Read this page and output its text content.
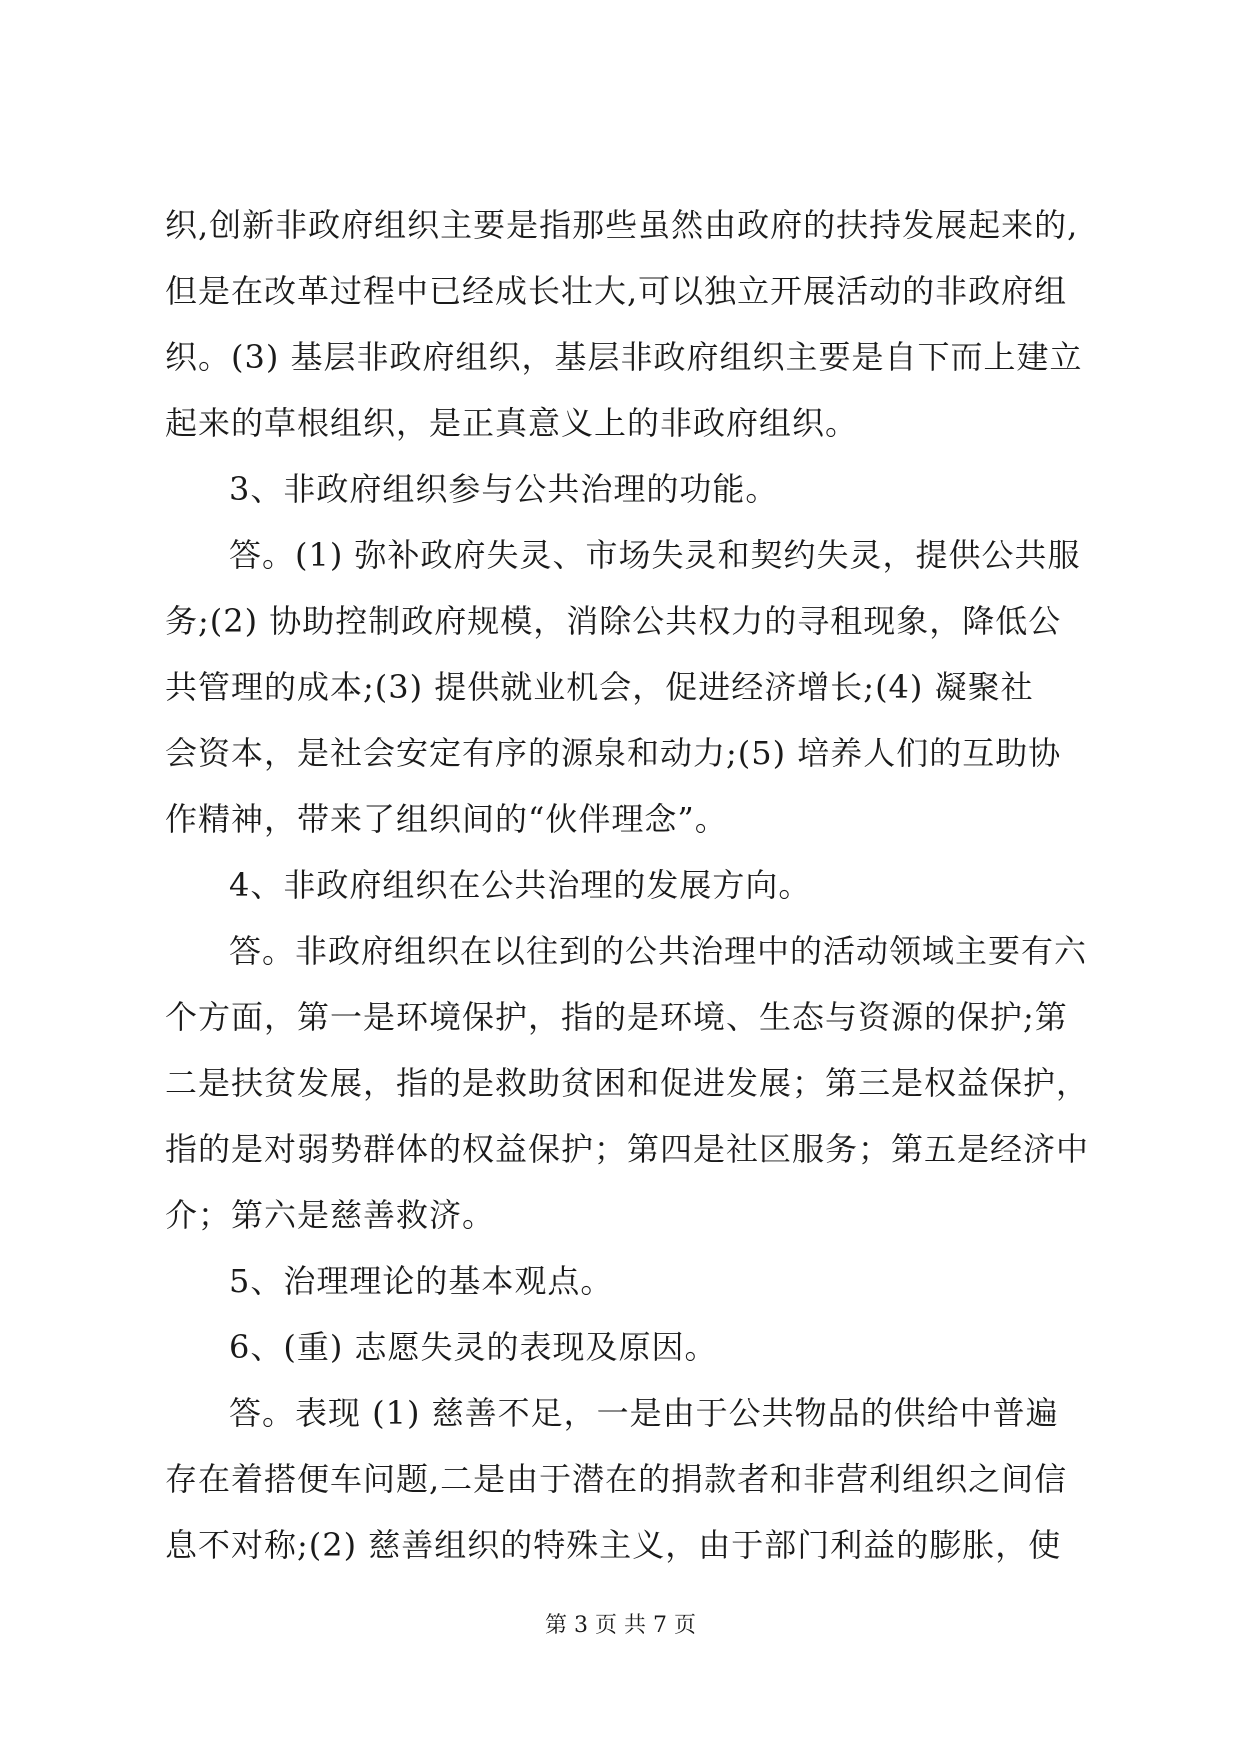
织,创新非政府组织主要是指那些虽然由政府的扶持发展起来的,
但是在改革过程中已经成长壮大,可以独立开展活动的非政府组
织。(3) 基层非政府组织，基层非政府组织主要是自下而上建立
起来的草根组织，是正真意义上的非政府组织。
3、非政府组织参与公共治理的功能。
答。(1) 弥补政府失灵、市场失灵和契约失灵，提供公共服
务;(2) 协助控制政府规模，消除公共权力的寻租现象，降低公
共管理的成本;(3) 提供就业机会，促进经济增长;(4) 凝聚社
会资本，是社会安定有序的源泉和动力;(5) 培养人们的互助协
作精神，带来了组织间的“伙伴理念”。
4、非政府组织在公共治理的发展方向。
答。非政府组织在以往到的公共治理中的活动领域主要有六
个方面，第一是环境保护，指的是环境、生态与资源的保护;第
二是扶贫发展，指的是救助贫困和促进发展；第三是权益保护，
指的是对弱势群体的权益保护；第四是社区服务；第五是经济中
介；第六是慈善救济。
5、治理理论的基本观点。
6、(重) 志愿失灵的表现及原因。
答。表现 (1) 慈善不足，一是由于公共物品的供给中普遍
存在着搭便车问题,二是由于潜在的捐款者和非营利组织之间信
息不对称;(2) 慈善组织的特殊主义，由于部门利益的膨胀，使
第 3 页 共 7 页
